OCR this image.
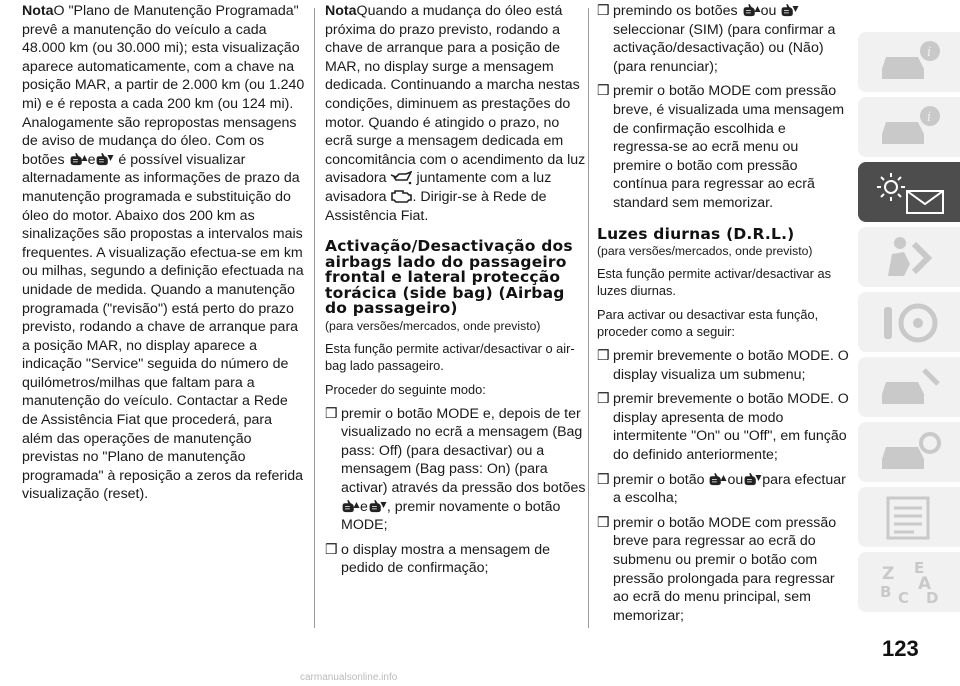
NotaO "Plano de Manutenção Programada" prevê a manutenção do veículo a cada 48.000 km (ou 30.000 mi); esta visualização aparece automaticamente, com a chave na posição MAR, a partir de 2.000 km (ou 1.240 mi) e é reposta a cada 200 km (ou 124 mi). Analogamente são repropostas mensagens de aviso de mudança do óleo. Com os botões e é possível visualizar alternadamente as informações de prazo da manutenção programada e substituição do óleo do motor. Abaixo dos 200 km as sinalizações são propostas a intervalos mais frequentes. A visualização efectua-se em km ou milhas, segundo a definição efectuada na unidade de medida. Quando a manutenção programada ("revisão") está perto do prazo previsto, rodando a chave de arranque para a posição MAR, no display aparece a indicação "Service" seguida do número de quilómetros/milhas que faltam para a manutenção do veículo. Contactar a Rede de Assistência Fiat que procederá, para além das operações de manutenção previstas no "Plano de manutenção programada" à reposição a zeros da referida visualização (reset).

NotaQuando a mudança do óleo está próxima do prazo previsto, rodando a chave de arranque para a posição de MAR, no display surge a mensagem dedicada. Continuando a marcha nestas condições, diminuem as prestações do motor. Quando é atingido o prazo, no ecrã surge a mensagem dedicada em concomitância com o acendimento da luz avisadora juntamente com a luz avisadora . Dirigir-se à Rede de Assistência Fiat.

Activação/Desactivação dos airbags lado do passageiro frontal e lateral protecção torácica (side bag) (Airbag do passageiro)
(para versões/mercados, onde previsto)

Esta função permite activar/desactivar o air-bag lado passageiro.

Proceder do seguinte modo:

❒ premir o botão MODE e, depois de ter visualizado no ecrã a mensagem (Bag pass: Off) (para desactivar) ou a mensagem (Bag pass: On) (para activar) através da pressão dos botões e , premir novamente o botão MODE;
❒ o display mostra a mensagem de pedido de confirmação;
❒ premindo os botões ou seleccionar (SIM) (para confirmar a activação/desactivação) ou (Não) (para renunciar);
❒ premir o botão MODE com pressão breve, é visualizada uma mensagem de confirmação escolhida e regressa-se ao ecrã menu ou premire o botão com pressão contínua para regressar ao ecrã standard sem memorizar.
Luzes diurnas (D.R.L.)
(para versões/mercados, onde previsto)

Esta função permite activar/desactivar as luzes diurnas.

Para activar ou desactivar esta função, proceder como a seguir:

❒ premir brevemente o botão MODE. O display visualiza um submenu;
❒ premir brevemente o botão MODE. O display apresenta de modo intermitente "On" ou "Off", em função do definido anteriormente;
❒ premir o botão ou para efectuar a escolha;
❒ premir o botão MODE com pressão breve para regressar ao ecrã do submenu ou premir o botão com pressão prolongada para regressar ao ecrã do menu principal, sem memorizar;
i
i
Z E
A
B C D
123
carmanualsonline.info
